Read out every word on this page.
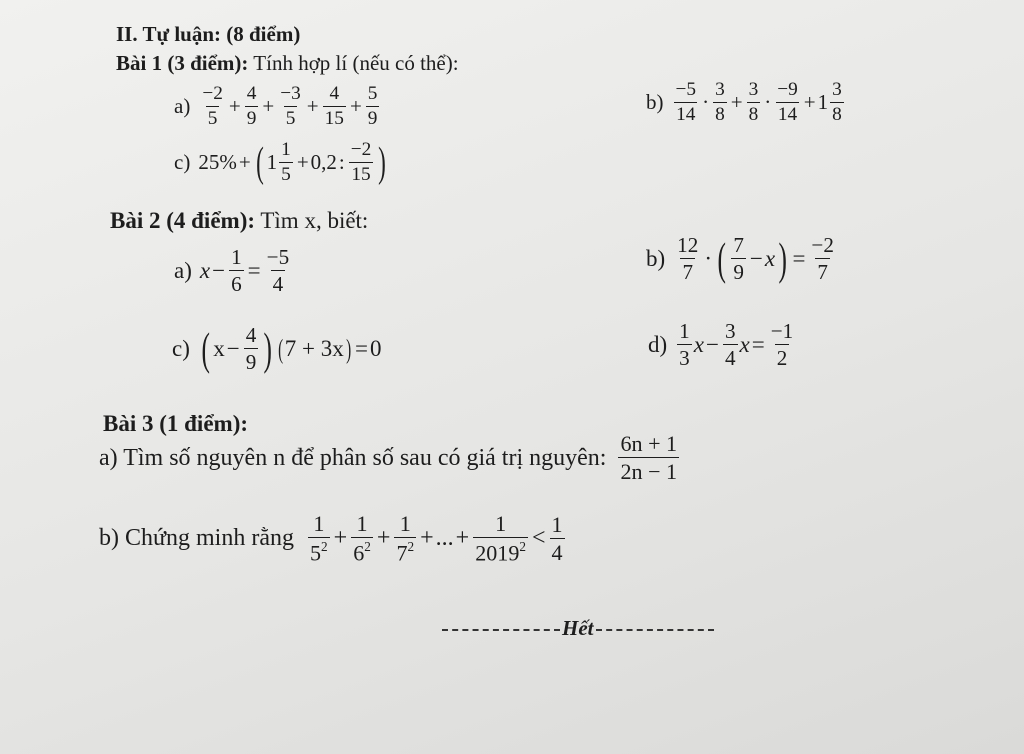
II. Tự luận: (8 điểm)
Bài 1 (3 điểm): Tính hợp lí (nếu có thể):
$a) \frac{-2}{5} + \frac{4}{9} + \frac{-3}{5} + \frac{4}{15} + \frac{5}{9}$	$b) \frac{-5}{14} \cdot \frac{3}{8} + \frac{3}{8} \cdot \frac{-9}{14} + 1 \frac{3}{8}$
c) 25% + ( $1 \frac{1}{5} + 0,2$ : $\frac{-2}{15}$ )
Bài 2 (4 điểm): Tìm x, biết:
a) $x - \frac{1}{6} = \frac{-5}{4}$	$b) \frac{12}{7}$ · ( $\frac{7}{9} - x$ ) = $\frac{-2}{7}$
c) ( $x - \frac{4}{9}$ ) ( 7 + 3x ) = 0	$d) \frac{1}{3}$ $x - \frac{3}{4}$ $x = \frac{-1}{2}$
Bài 3 (1 điểm):
a) Tìm số nguyên n để phân số sau có giá trị nguyên: $\frac{6n + 1}{2n - 1}$
b) Chứng minh rằng $\frac{1}{5^2} + \frac{1}{6^2} + \frac{1}{7^2}$ + ... + $\frac{1}{2019^2} < \frac{1}{4}$
Hết
